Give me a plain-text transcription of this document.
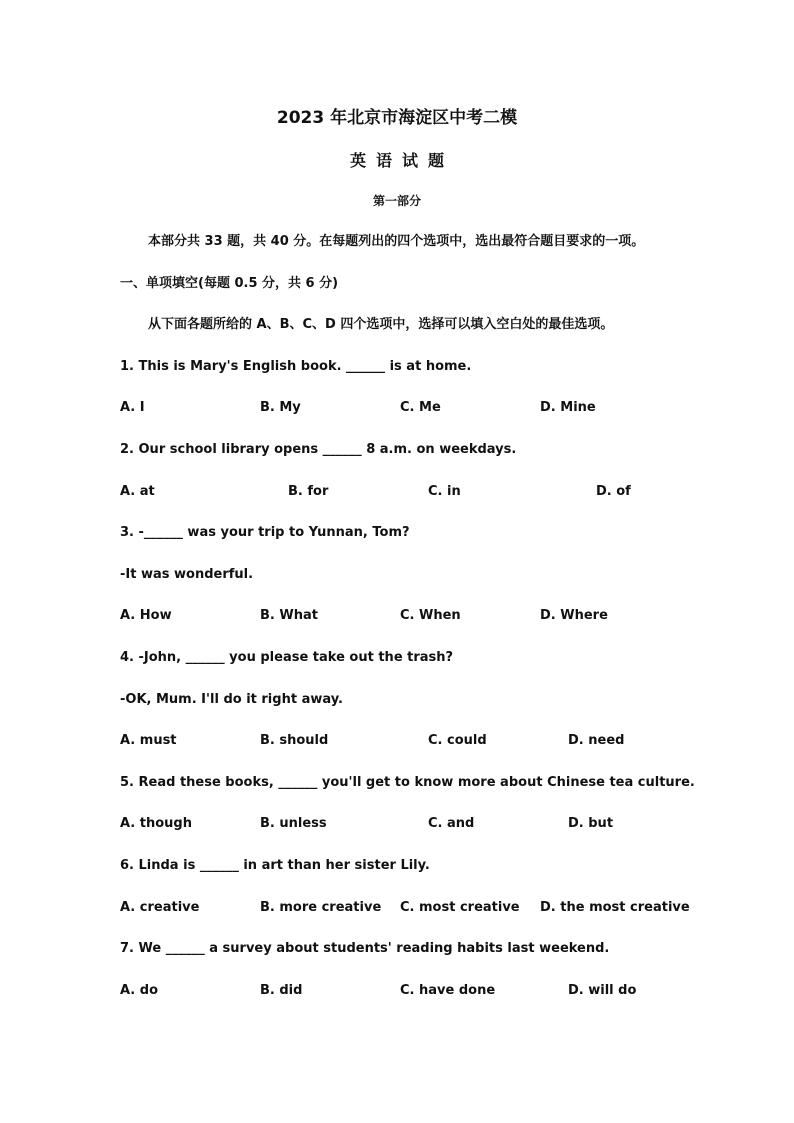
2023 年北京市海淀区中考二模
英语试题
第一部分
本部分共 33 题，共 40 分。在每题列出的四个选项中，选出最符合题目要求的一项。
一、单项填空(每题 0.5 分，共 6 分)
从下面各题所给的 A、B、C、D 四个选项中，选择可以填入空白处的最佳选项。
1. This is Mary's English book. ______ is at home.
A. I	B. My	C. Me	D. Mine
2. Our school library opens ______ 8 a.m. on weekdays.
A. at	B. for	C. in	D. of
3. -______ was your trip to Yunnan, Tom?
-It was wonderful.
A. How	B. What	C. When	D. Where
4. -John, ______ you please take out the trash?
-OK, Mum. I'll do it right away.
A. must	B. should	C. could	D. need
5. Read these books, ______ you'll get to know more about Chinese tea culture.
A. though	B. unless	C. and	D. but
6. Linda is ______ in art than her sister Lily.
A. creative	B. more creative C. most creative D. the most creative
7. We ______ a survey about students' reading habits last weekend.
A. do	B. did	C. have done	D. will do
